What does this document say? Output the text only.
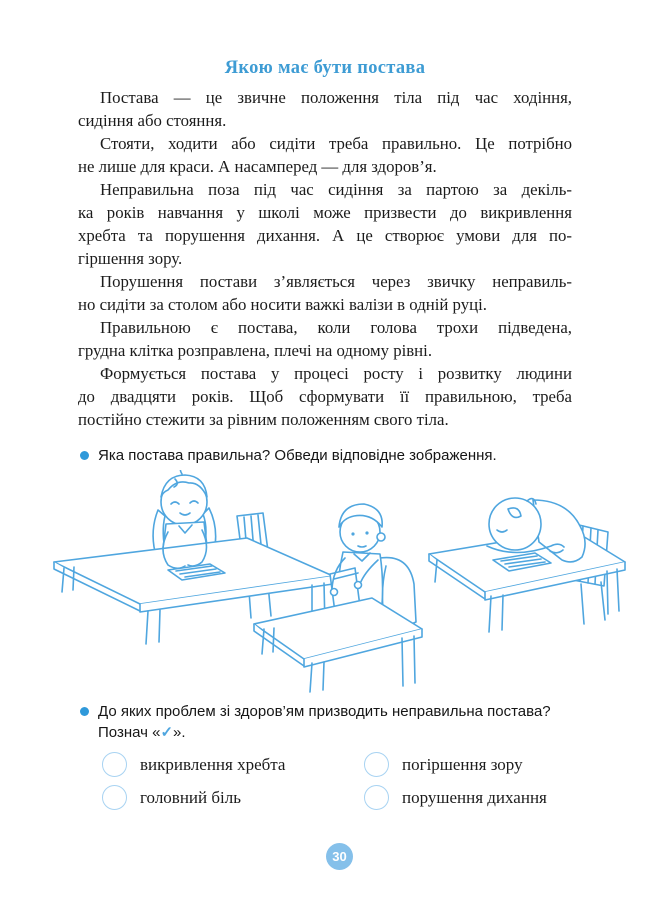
Якою має бути постава

Постава — це звичне положення тіла під час ходіння,
сидіння або стояння.

Стояти, ходити або сидіти треба правильно. Це потрібно
не лише для краси. А насамперед — для здоров’я.

Неправильна поза під час сидіння за партою за декіль-
ка років навчання у школі може призвести до викривлення
хребта та порушення дихання. А це створює умови для по-
гіршення зору.

Порушення постави з’являється через звичку неправиль-
но сидіти за столом або носити важкі валізи в одній руці.

Правильною є постава, коли голова трохи підведена,
грудна клітка розправлена, плечі на одному рівні.

Формується постава у процесі росту і розвитку людини
до двадцяти років. Щоб сформувати її правильною, треба
постійно стежити за рівним положенням свого тіла.

Яка постава правильна? Обведи відповідне зображення.
До яких проблем зі здоров’ям призводить неправильна постава?
Познач «✓».
викривлення хребта	погіршення зору
головний біль	порушення дихання
30
